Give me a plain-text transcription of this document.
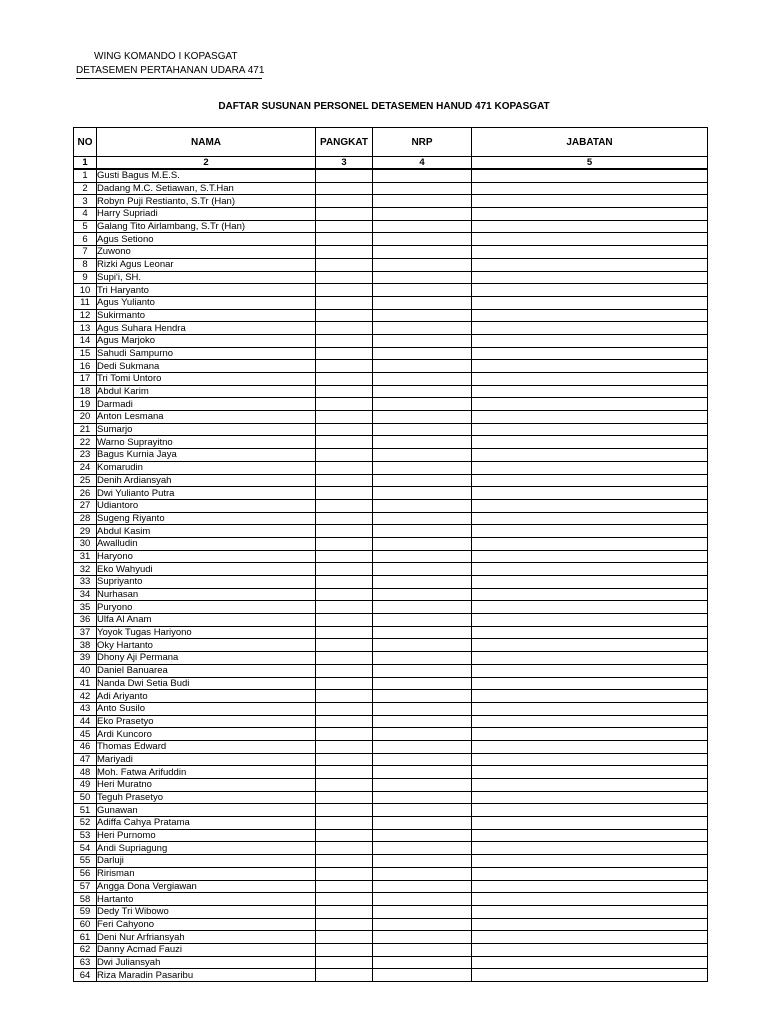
WING KOMANDO I KOPASGAT
DETASEMEN PERTAHANAN UDARA 471
DAFTAR SUSUNAN PERSONEL DETASEMEN HANUD 471 KOPASGAT
NO	NAMA	PANGKAT	NRP	JABATAN
1	2	3	4	5
1	Gusti Bagus M.E.S.			
2	Dadang M.C. Setiawan, S.T.Han			
3	Robyn Puji Restianto, S.Tr (Han)			
4	Harry Supriadi			
5	Galang Tito Airlambang, S.Tr (Han)			
6	Agus Setiono			
7	Zuwono			
8	Rizki Agus Leonar			
9	Supi'i, SH.			
10	Tri Haryanto			
11	Agus Yulianto			
12	Sukirmanto			
13	Agus Suhara Hendra			
14	Agus Marjoko			
15	Sahudi Sampurno			
16	Dedi Sukmana			
17	Tri Tomi Untoro			
18	Abdul Karim			
19	Darmadi			
20	Anton Lesmana			
21	Sumarjo			
22	Warno Suprayitno			
23	Bagus Kurnia Jaya			
24	Komarudin			
25	Denih Ardiansyah			
26	Dwi Yulianto Putra			
27	Udiantoro			
28	Sugeng Riyanto			
29	Abdul Kasim			
30	Awalludin			
31	Haryono			
32	Eko Wahyudi			
33	Supriyanto			
34	Nurhasan			
35	Puryono			
36	Ulfa Al Anam			
37	Yoyok Tugas Hariyono			
38	Oky Hartanto			
39	Dhony Aji Permana			
40	Daniel Banuarea			
41	Nanda Dwi Setia Budi			
42	Adi Ariyanto			
43	Anto Susilo			
44	Eko Prasetyo			
45	Ardi Kuncoro			
46	Thomas Edward			
47	Mariyadi			
48	Moh. Fatwa Arifuddin			
49	Heri Muratno			
50	Teguh Prasetyo			
51	Gunawan			
52	Adiffa Cahya Pratama			
53	Heri Purnomo			
54	Andi Supriagung			
55	Darluji			
56	Ririsman			
57	Angga Dona Vergiawan			
58	Hartanto			
59	Dedy Tri Wibowo			
60	Feri Cahyono			
61	Deni Nur Arfriansyah			
62	Danny Acmad Fauzi			
63	Dwi Juliansyah			
64	Riza Maradin Pasaribu			
